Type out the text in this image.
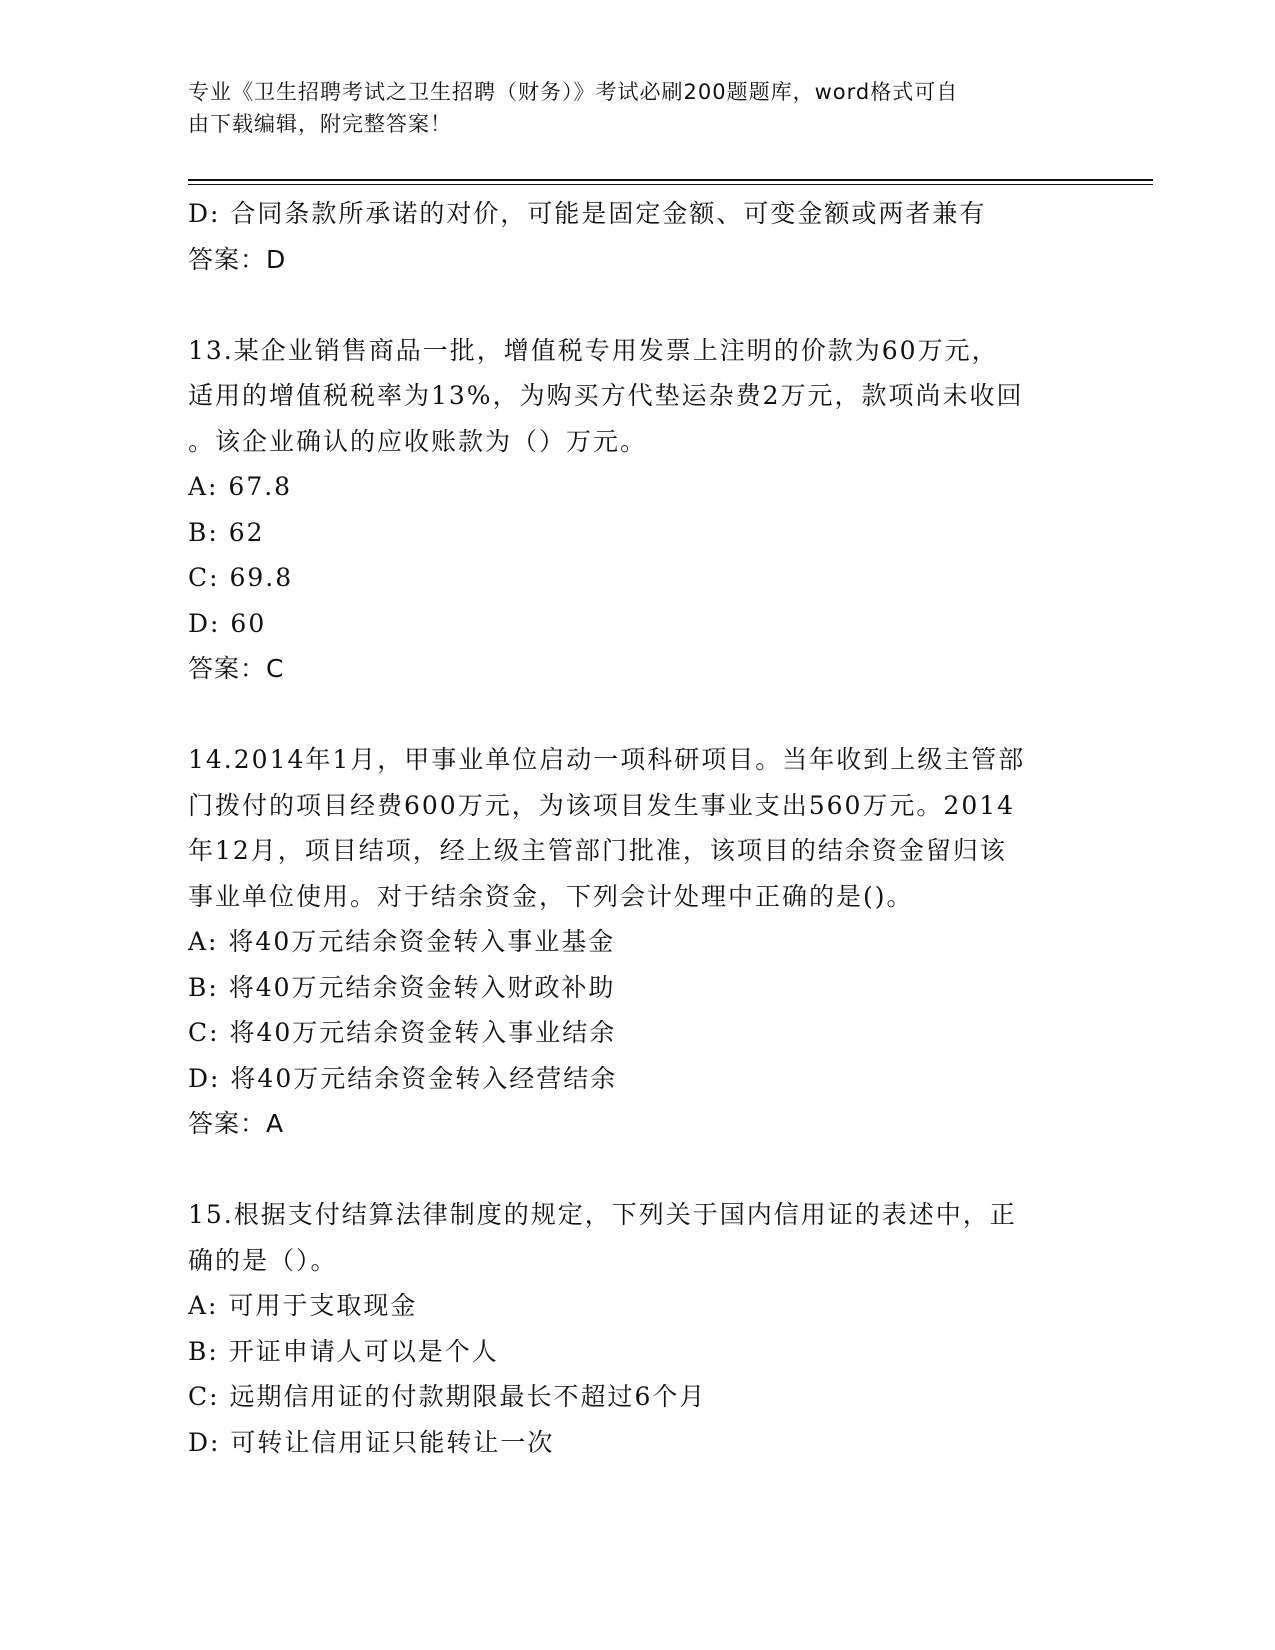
专业《卫生招聘考试之卫生招聘（财务）》考试必刷200题题库，word格式可自
由下载编辑，附完整答案！
D: 合同条款所承诺的对价，可能是固定金额、可变金额或两者兼有
答案：D
13.某企业销售商品一批，增值税专用发票上注明的价款为60万元，
适用的增值税税率为13%，为购买方代垫运杂费2万元，款项尚未收回
。该企业确认的应收账款为（）万元。
A: 67.8
B: 62
C: 69.8
D: 60
答案：C
14.2014年1月，甲事业单位启动一项科研项目。当年收到上级主管部
门拨付的项目经费600万元，为该项目发生事业支出560万元。2014
年12月，项目结项，经上级主管部门批准，该项目的结余资金留归该
事业单位使用。对于结余资金，下列会计处理中正确的是()。
A: 将40万元结余资金转入事业基金
B: 将40万元结余资金转入财政补助
C: 将40万元结余资金转入事业结余
D: 将40万元结余资金转入经营结余
答案：A
15.根据支付结算法律制度的规定，下列关于国内信用证的表述中，正
确的是（）。
A: 可用于支取现金
B: 开证申请人可以是个人
C: 远期信用证的付款期限最长不超过6个月
D: 可转让信用证只能转让一次
